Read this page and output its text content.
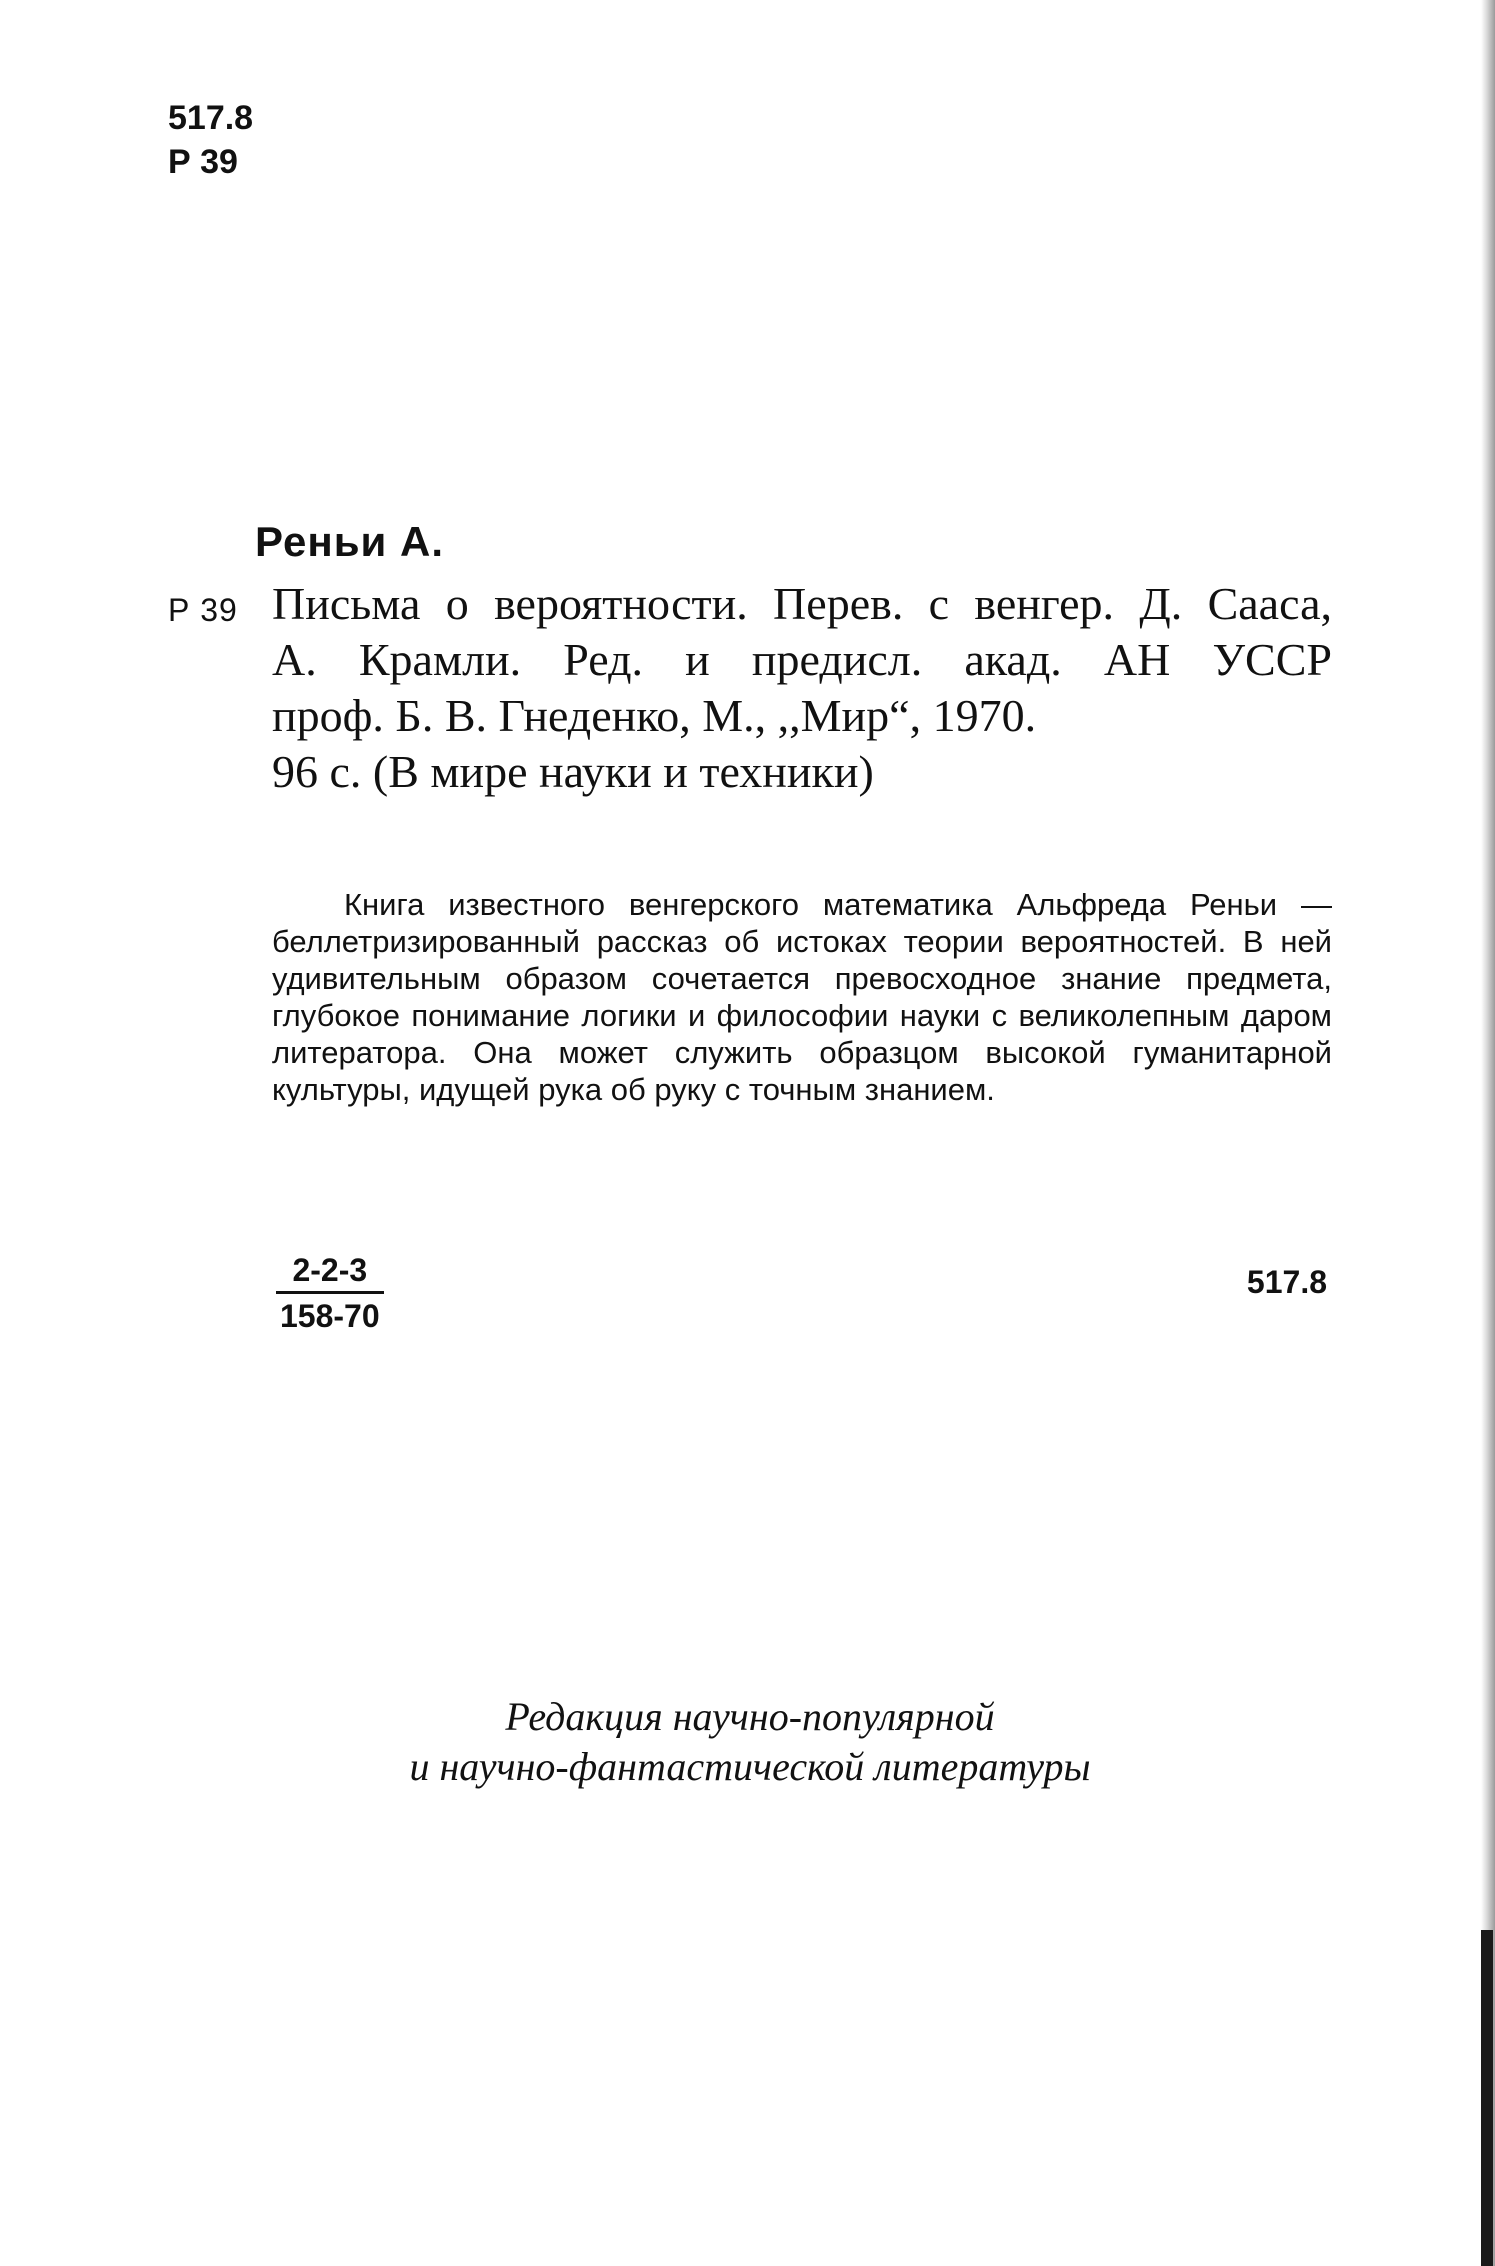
517.8
Р 39
Реньи А.
Р 39 Письма о вероятности. Перев. с венгер. Д. Сааса,
А. Крамли. Ред. и предисл. акад. АН УССР
проф. Б. В. Гнеденко, М., ,,Мир“, 1970.
96 с. (В мире науки и техники)
Книга известного венгерского математика Альфреда Реньи — беллетризированный рассказ об истоках теории вероятностей. В ней удивительным образом сочетается превосходное знание предмета, глубокое понимание логики и философии науки с великолепным даром литератора. Она может служить образцом высокой гуманитарной культуры, идущей рука об руку с точным знанием.
$\frac{2-2-3}{158-70}$	517.8
Редакция научно-популярной
и научно-фантастической литературы
